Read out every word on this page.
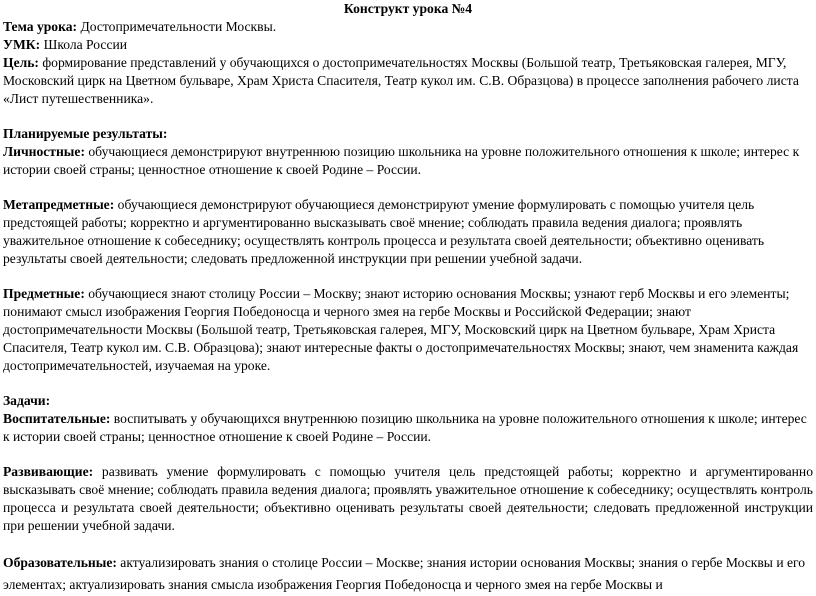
Конструкт урока №4

Тема урока: Достопримечательности Москвы.

УМК: Школа России

Цель: формирование представлений у обучающихся о достопримечательностях Москвы (Большой театр, Третьяковская галерея, МГУ, Московский цирк на Цветном бульваре, Храм Христа Спасителя, Театр кукол им. С.В. Образцова) в процессе заполнения рабочего листа «Лист путешественника».

Планируемые результаты:

Личностные: обучающиеся демонстрируют внутреннюю позицию школьника на уровне положительного отношения к школе; интерес к истории своей страны; ценностное отношение к своей Родине – России.

Метапредметные: обучающиеся демонстрируют обучающиеся демонстрируют умение формулировать с помощью учителя цель предстоящей работы; корректно и аргументированно высказывать своё мнение; соблюдать правила ведения диалога; проявлять уважительное отношение к собеседнику; осуществлять контроль процесса и результата своей деятельности; объективно оценивать результаты своей деятельности; следовать предложенной инструкции при решении учебной задачи.

Предметные: обучающиеся знают столицу России – Москву; знают историю основания Москвы; узнают герб Москвы и его элементы; понимают смысл изображения Георгия Победоносца и черного змея на гербе Москвы и Российской Федерации; знают достопримечательности Москвы (Большой театр, Третьяковская галерея, МГУ, Московский цирк на Цветном бульваре, Храм Христа Спасителя, Театр кукол им. С.В. Образцова); знают интересные факты о достопримечательностях Москвы; знают, чем знаменита каждая достопримечательностей, изучаемая на уроке.

Задачи:

Воспитательные: воспитывать у обучающихся внутреннюю позицию школьника на уровне положительного отношения к школе; интерес к истории своей страны; ценностное отношение к своей Родине – России.

Развивающие: развивать умение формулировать с помощью учителя цель предстоящей работы; корректно и аргументированно высказывать своё мнение; соблюдать правила ведения диалога; проявлять уважительное отношение к собеседнику; осуществлять контроль процесса и результата своей деятельности; объективно оценивать результаты своей деятельности; следовать предложенной инструкции при решении учебной задачи.

Образовательные: актуализировать знания о столице России – Москве; знания истории основания Москвы; знания о гербе Москвы и его элементах; актуализировать знания смысла изображения Георгия Победоносца и черного змея на гербе Москвы и
